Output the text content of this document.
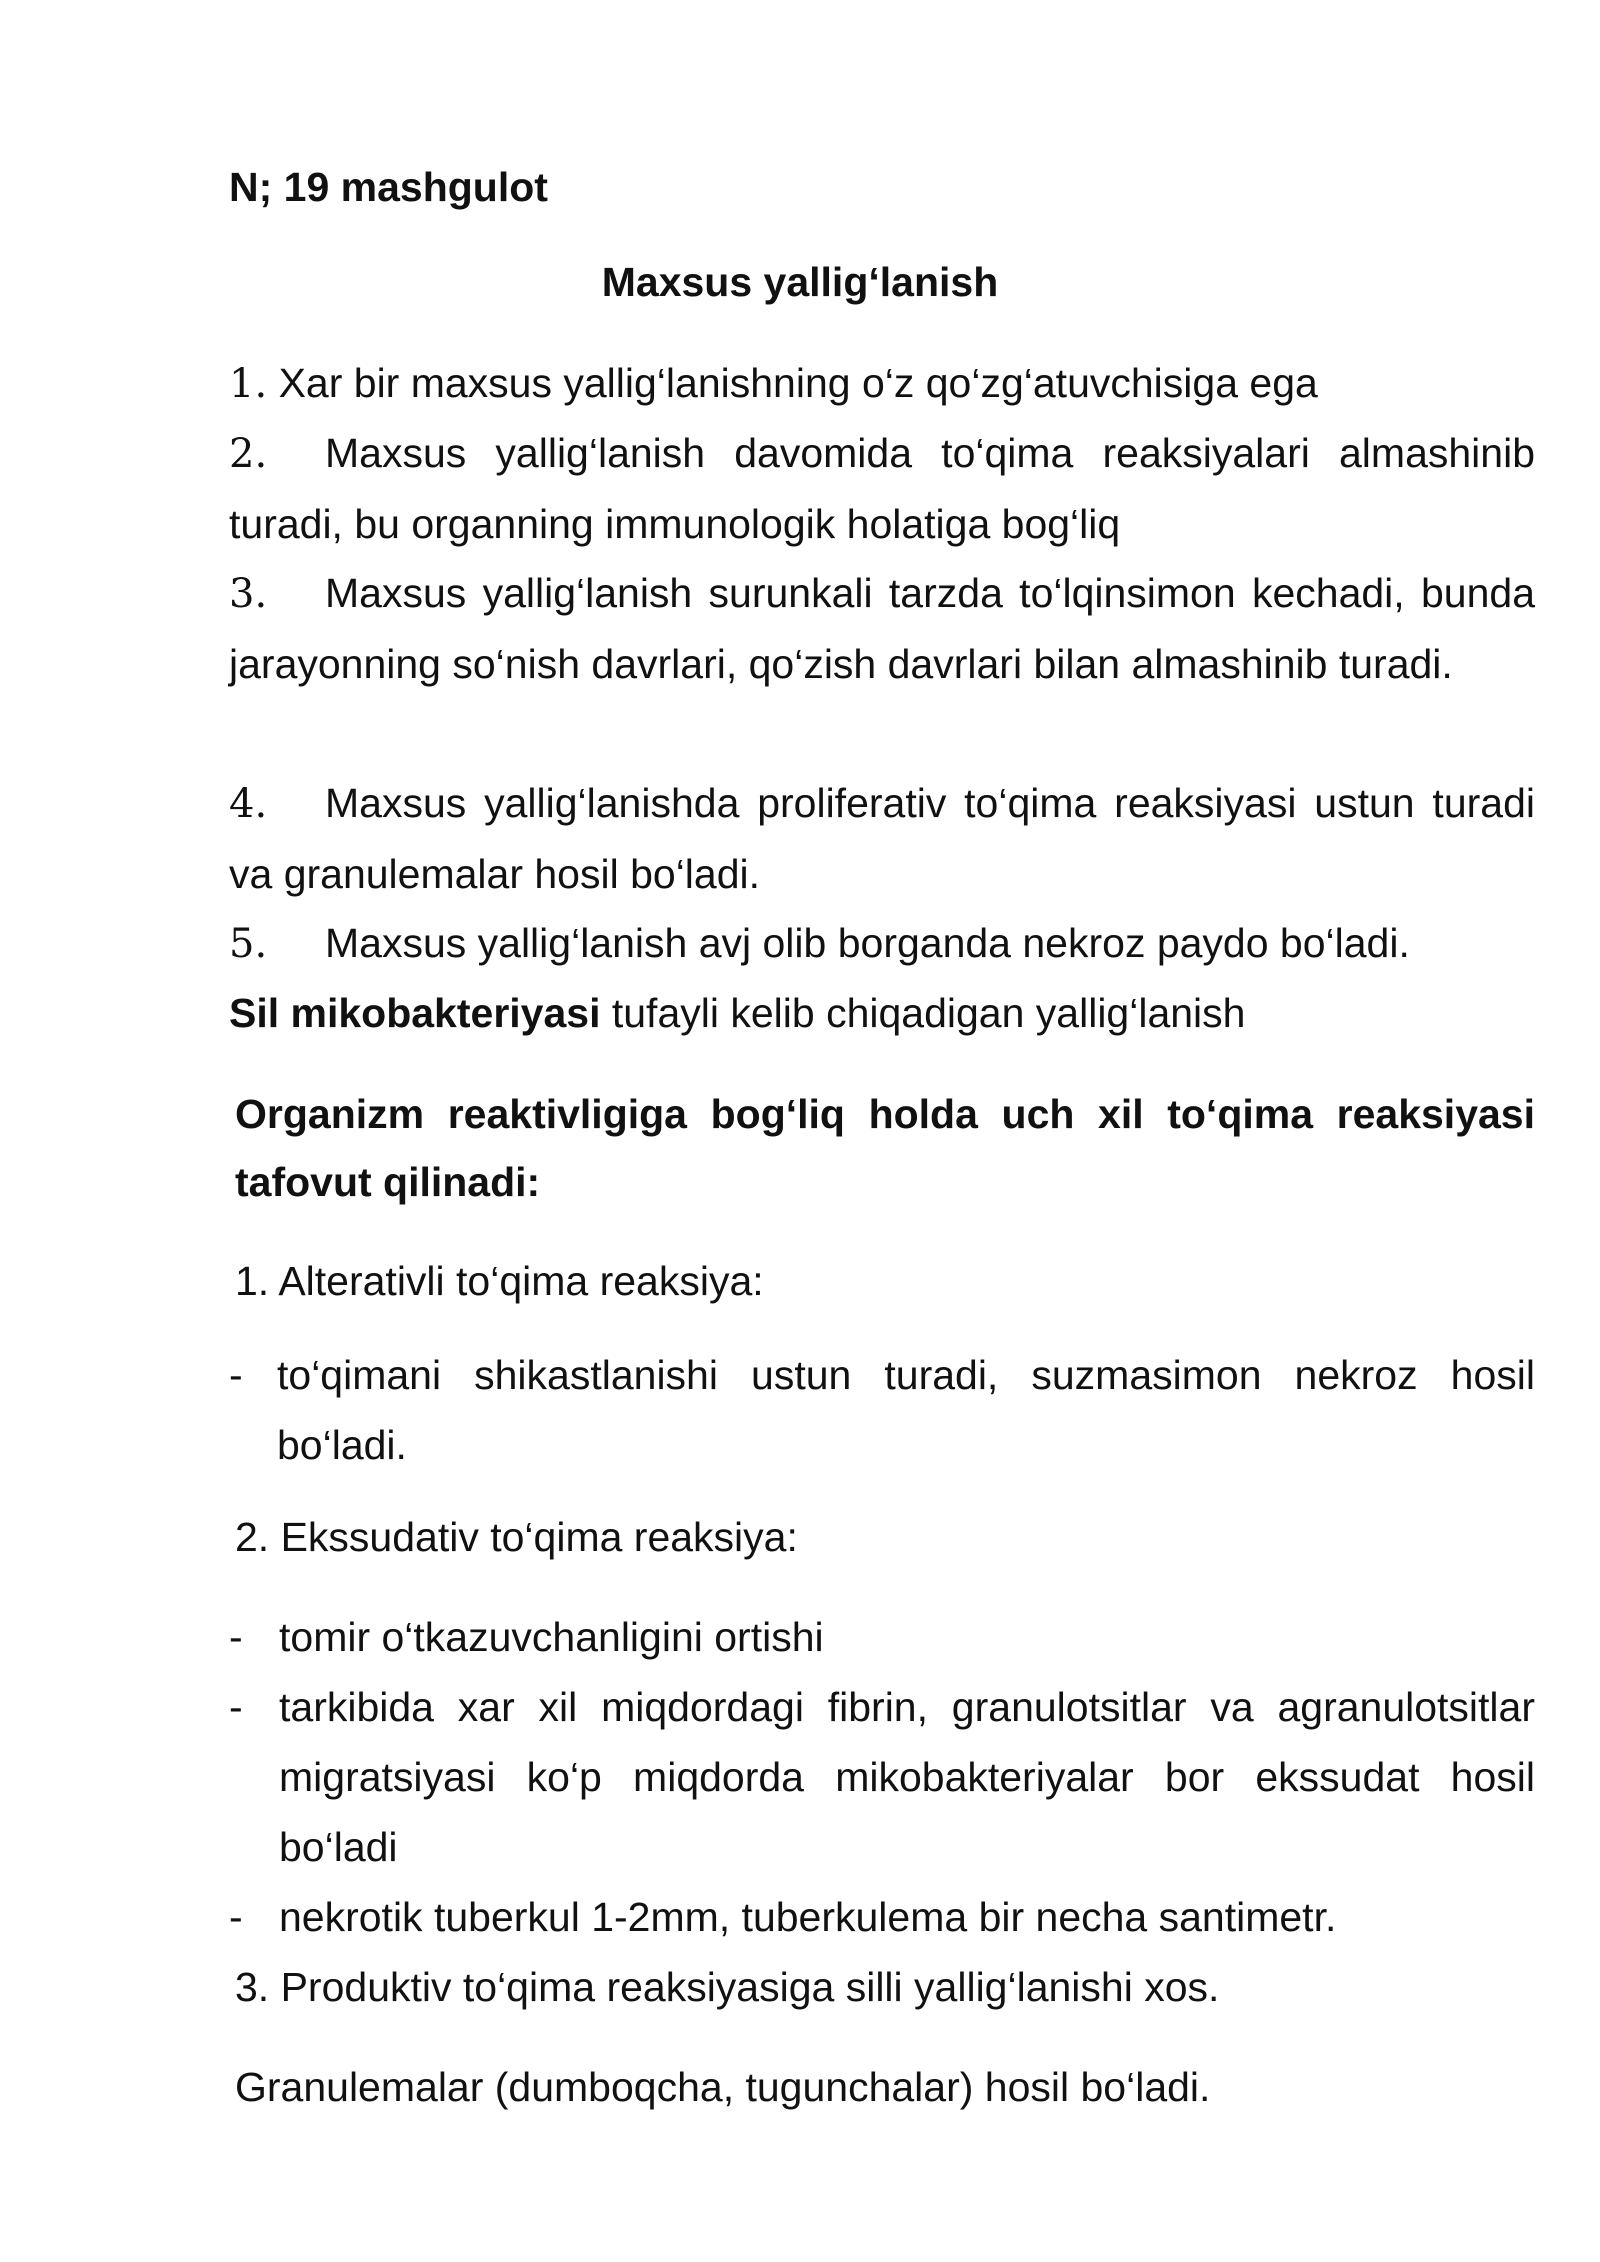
N; 19 mashgulot
Maxsus yallig‘lanish
1. Xar bir maxsus yallig‘lanishning o‘z qo‘zg‘atuvchisiga ega
2. Maxsus yallig‘lanish davomida to‘qima reaksiyalari almashinib turadi, bu organning immunologik holatiga bog‘liq
3. Maxsus yallig‘lanish surunkali tarzda to‘lqinsimon kechadi, bunda jarayonning so‘nish davrlari, qo‘zish davrlari bilan almashinib turadi.
4. Maxsus yallig‘lanishda proliferativ to‘qima reaksiyasi ustun turadi va granulemalar hosil bo‘ladi.
5. Maxsus yallig‘lanish avj olib borganda nekroz paydo bo‘ladi.
Sil mikobakteriyasi tufayli kelib chiqadigan yallig‘lanish
Organizm reaktivligiga bog‘liq holda uch xil to‘qima reaksiyasi tafovut qilinadi:
1. Alterativli to‘qima reaksiya:
- to‘qimani shikastlanishi ustun turadi, suzmasimon nekroz hosil bo‘ladi.
2. Ekssudativ to‘qima reaksiya:
- tomir o‘tkazuvchanligini ortishi
- tarkibida xar xil miqdordagi fibrin, granulotsitlar va agranulotsitlar migratsiyasi ko‘p miqdorda mikobakteriyalar bor ekssudat hosil bo‘ladi
- nekrotik tuberkul 1-2mm, tuberkulema bir necha santimetr.
3. Produktiv to‘qima reaksiyasiga silli yallig‘lanishi xos.
Granulemalar (dumboqcha, tugunchalar) hosil bo‘ladi.
